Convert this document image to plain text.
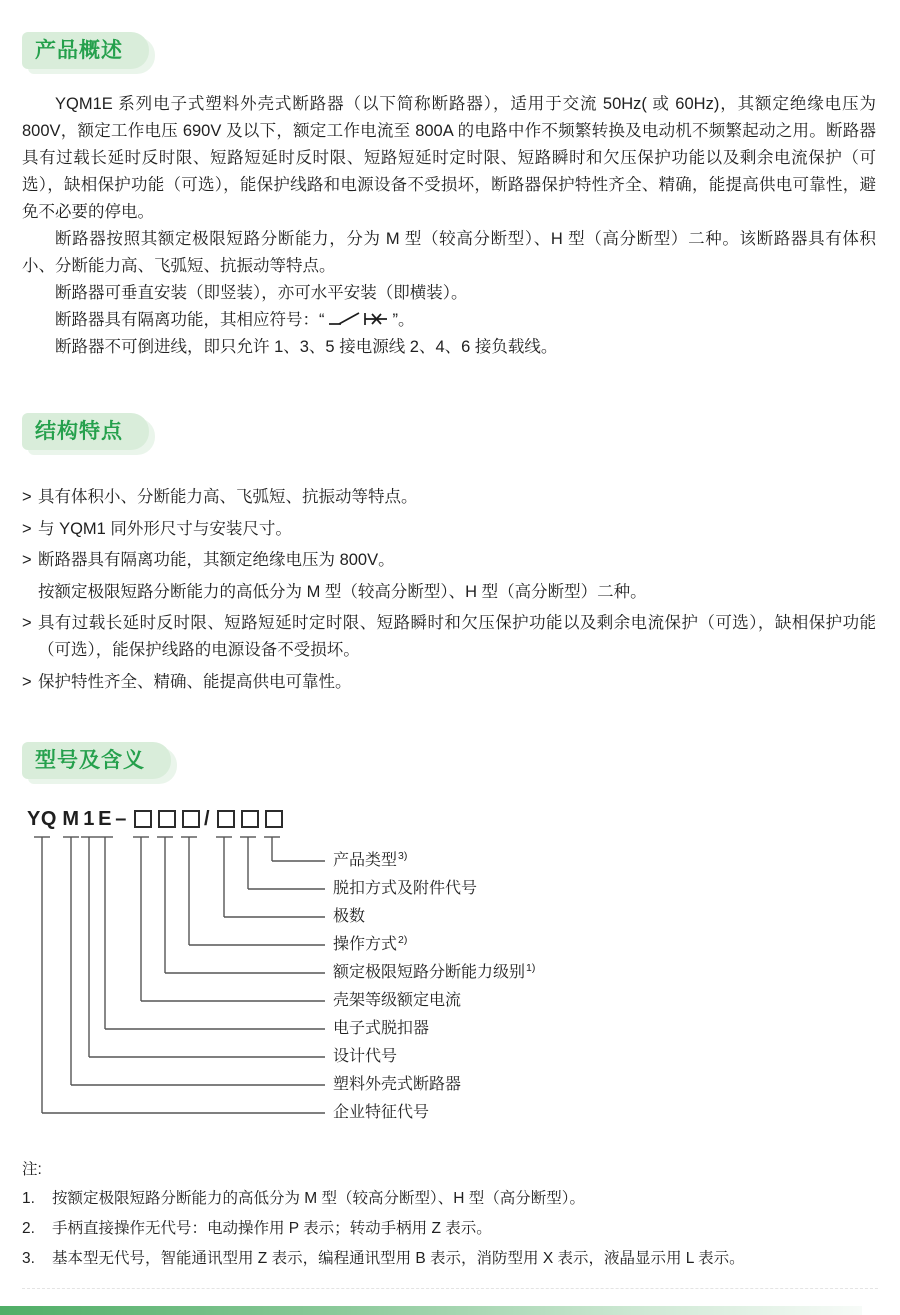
产品概述

YQM1E 系列电子式塑料外壳式断路器（以下简称断路器），适用于交流 50Hz( 或 60Hz)，其额定绝缘电压为 800V，额定工作电压 690V 及以下，额定工作电流至 800A 的电路中作不频繁转换及电动机不频繁起动之用。断路器具有过载长延时反时限、短路短延时反时限、短路短延时定时限、短路瞬时和欠压保护功能以及剩余电流保护（可选），缺相保护功能（可选），能保护线路和电源设备不受损坏，断路器保护特性齐全、精确，能提高供电可靠性，避免不必要的停电。

断路器按照其额定极限短路分断能力，分为 M 型（较高分断型）、H 型（高分断型）二种。该断路器具有体积小、分断能力高、飞弧短、抗振动等特点。

断路器可垂直安装（即竖装），亦可水平安装（即横装）。

断路器具有隔离功能，其相应符号：“	”。

断路器不可倒进线，即只允许 1、3、5 接电源线 2、4、6 接负载线。

结构特点
> 具有体积小、分断能力高、飞弧短、抗振动等特点。
> 与 YQM1 同外形尺寸与安装尺寸。
> 断路器具有隔离功能，其额定绝缘电压为 800V。
按额定极限短路分断能力的高低分为 M 型（较高分断型）、H 型（高分断型）二种。
> 具有过载长延时反时限、短路短延时定时限、短路瞬时和欠压保护功能以及剩余电流保护（可选），缺相保护功能（可选），能保护线路的电源设备不受损坏。
> 保护特性齐全、精确、能提高供电可靠性。
型号及含义
YQ M 1 E –	/
产品类型$^{3)}$
脱扣方式及附件代号
极数
操作方式$^{2)}$
额定极限短路分断能力级别$^{1)}$
壳架等级额定电流
电子式脱扣器
设计代号
塑料外壳式断路器
企业特征代号

注:

1.	按额定极限短路分断能力的高低分为 M 型（较高分断型）、H 型（高分断型）。
2.	手柄直接操作无代号：电动操作用 P 表示；转动手柄用 Z 表示。
3.	基本型无代号，智能通讯型用 Z 表示，编程通讯型用 B 表示，消防型用 X 表示，液晶显示用 L 表示。
